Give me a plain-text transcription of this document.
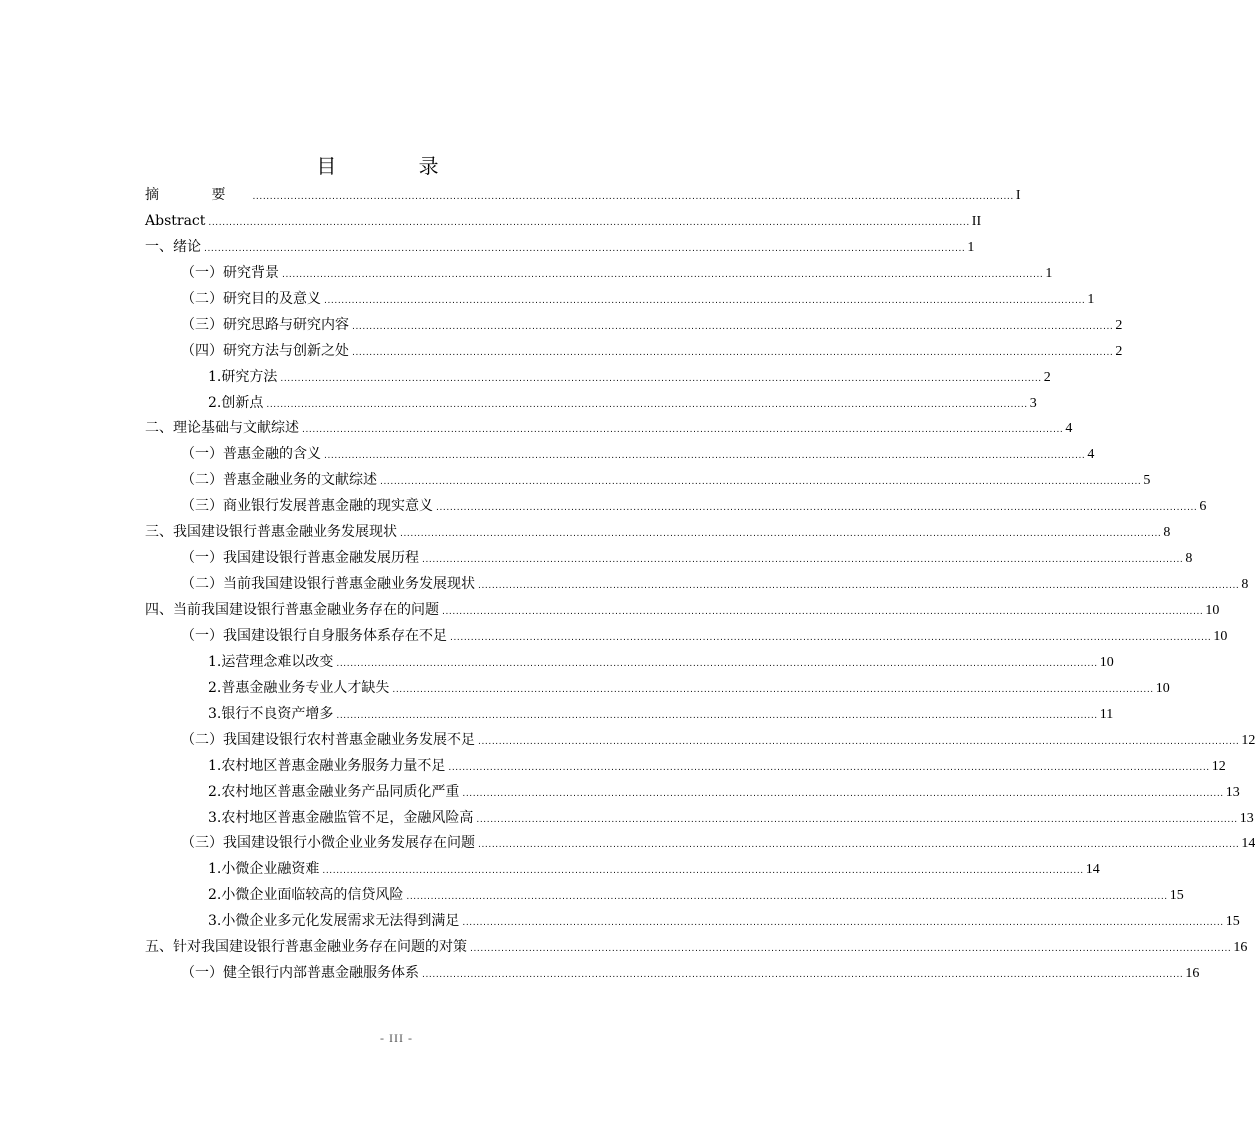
目 录
摘 要 ............................................................................................................................................................................................................................ I
Abstract ............................................................................................................................................................................................................................ II
一、绪论 ............................................................................................................................................................................................................................ 1
（一）研究背景 ............................................................................................................................................................................................................................ 1
（二）研究目的及意义 ............................................................................................................................................................................................................................ 1
（三）研究思路与研究内容 ............................................................................................................................................................................................................................ 2
（四）研究方法与创新之处 ............................................................................................................................................................................................................................ 2
1.研究方法 ............................................................................................................................................................................................................................ 2
2.创新点 ............................................................................................................................................................................................................................ 3
二、理论基础与文献综述 ............................................................................................................................................................................................................................ 4
（一）普惠金融的含义 ............................................................................................................................................................................................................................ 4
（二）普惠金融业务的文献综述 ............................................................................................................................................................................................................................ 5
（三）商业银行发展普惠金融的现实意义 ............................................................................................................................................................................................................................ 6
三、我国建设银行普惠金融业务发展现状 ............................................................................................................................................................................................................................ 8
（一）我国建设银行普惠金融发展历程 ............................................................................................................................................................................................................................ 8
（二）当前我国建设银行普惠金融业务发展现状 ............................................................................................................................................................................................................................ 8
四、当前我国建设银行普惠金融业务存在的问题 ............................................................................................................................................................................................................................ 10
（一）我国建设银行自身服务体系存在不足 ............................................................................................................................................................................................................................ 10
1.运营理念难以改变 ............................................................................................................................................................................................................................ 10
2.普惠金融业务专业人才缺失 ............................................................................................................................................................................................................................ 10
3.银行不良资产增多 ............................................................................................................................................................................................................................ 11
（二）我国建设银行农村普惠金融业务发展不足 ............................................................................................................................................................................................................................ 12
1.农村地区普惠金融业务服务力量不足 ............................................................................................................................................................................................................................ 12
2.农村地区普惠金融业务产品同质化严重 ............................................................................................................................................................................................................................ 13
3.农村地区普惠金融监管不足，金融风险高 ............................................................................................................................................................................................................................ 13
（三）我国建设银行小微企业业务发展存在问题 ............................................................................................................................................................................................................................ 14
1.小微企业融资难 ............................................................................................................................................................................................................................ 14
2.小微企业面临较高的信贷风险 ............................................................................................................................................................................................................................ 15
3.小微企业多元化发展需求无法得到满足 ............................................................................................................................................................................................................................ 15
五、针对我国建设银行普惠金融业务存在问题的对策 ............................................................................................................................................................................................................................ 16
（一）健全银行内部普惠金融服务体系 ............................................................................................................................................................................................................................ 16
- III -
